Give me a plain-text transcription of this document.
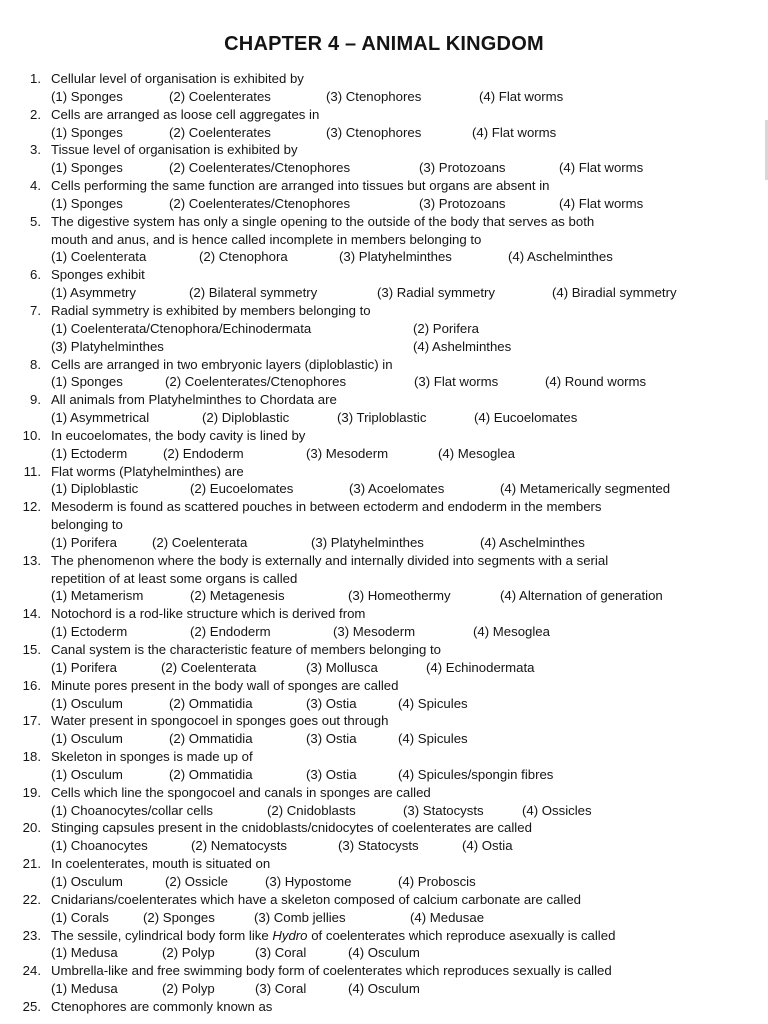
CHAPTER 4 – ANIMAL KINGDOM
1. Cellular level of organisation is exhibited by
(1) Sponges	(2) Coelenterates	(3) Ctenophores	(4) Flat worms
2. Cells are arranged as loose cell aggregates in
(1) Sponges	(2) Coelenterates	(3) Ctenophores	(4) Flat worms
3. Tissue level of organisation is exhibited by
(1) Sponges	(2) Coelenterates/Ctenophores	(3) Protozoans	(4) Flat worms
4. Cells performing the same function are arranged into tissues but organs are absent in
(1) Sponges	(2) Coelenterates/Ctenophores	(3) Protozoans	(4) Flat worms
5. The digestive system has only a single opening to the outside of the body that serves as both
mouth and anus, and is hence called incomplete in members belonging to
(1) Coelenterata	(2) Ctenophora	(3) Platyhelminthes	(4) Aschelminthes
6. Sponges exhibit
(1) Asymmetry	(2) Bilateral symmetry	(3) Radial symmetry	(4) Biradial symmetry
7. Radial symmetry is exhibited by members belonging to
(1) Coelenterata/Ctenophora/Echinodermata	(2) Porifera
(3) Platyhelminthes	(4) Ashelminthes
8. Cells are arranged in two embryonic layers (diploblastic) in
(1) Sponges	(2) Coelenterates/Ctenophores	(3) Flat worms	(4) Round worms
9. All animals from Platyhelminthes to Chordata are
(1) Asymmetrical	(2) Diploblastic	(3) Triploblastic	(4) Eucoelomates
10. In eucoelomates, the body cavity is lined by
(1) Ectoderm	(2) Endoderm	(3) Mesoderm	(4) Mesoglea
11. Flat worms (Platyhelminthes) are
(1) Diploblastic	(2) Eucoelomates	(3) Acoelomates	(4) Metamerically segmented
12. Mesoderm is found as scattered pouches in between ectoderm and endoderm in the members
belonging to
(1) Porifera	(2) Coelenterata	(3) Platyhelminthes	(4) Aschelminthes
13. The phenomenon where the body is externally and internally divided into segments with a serial
repetition of at least some organs is called
(1) Metamerism	(2) Metagenesis	(3) Homeothermy	(4) Alternation of generation
14. Notochord is a rod-like structure which is derived from
(1) Ectoderm	(2) Endoderm	(3) Mesoderm	(4) Mesoglea
15. Canal system is the characteristic feature of members belonging to
(1) Porifera	(2) Coelenterata	(3) Mollusca	(4) Echinodermata
16. Minute pores present in the body wall of sponges are called
(1) Osculum	(2) Ommatidia	(3) Ostia	(4) Spicules
17. Water present in spongocoel in sponges goes out through
(1) Osculum	(2) Ommatidia	(3) Ostia	(4) Spicules
18. Skeleton in sponges is made up of
(1) Osculum	(2) Ommatidia	(3) Ostia	(4) Spicules/spongin fibres
19. Cells which line the spongocoel and canals in sponges are called
(1) Choanocytes/collar cells	(2) Cnidoblasts	(3) Statocysts	(4) Ossicles
20. Stinging capsules present in the cnidoblasts/cnidocytes of coelenterates are called
(1) Choanocytes	(2) Nematocysts	(3) Statocysts	(4) Ostia
21. In coelenterates, mouth is situated on
(1) Osculum	(2) Ossicle	(3) Hypostome	(4) Proboscis
22. Cnidarians/coelenterates which have a skeleton composed of calcium carbonate are called
(1) Corals	(2) Sponges	(3) Comb jellies	(4) Medusae
23. The sessile, cylindrical body form like Hydro of coelenterates which reproduce asexually is called
(1) Medusa	(2) Polyp	(3) Coral	(4) Osculum
24. Umbrella-like and free swimming body form of coelenterates which reproduces sexually is called
(1) Medusa	(2) Polyp	(3) Coral	(4) Osculum
25. Ctenophores are commonly known as
